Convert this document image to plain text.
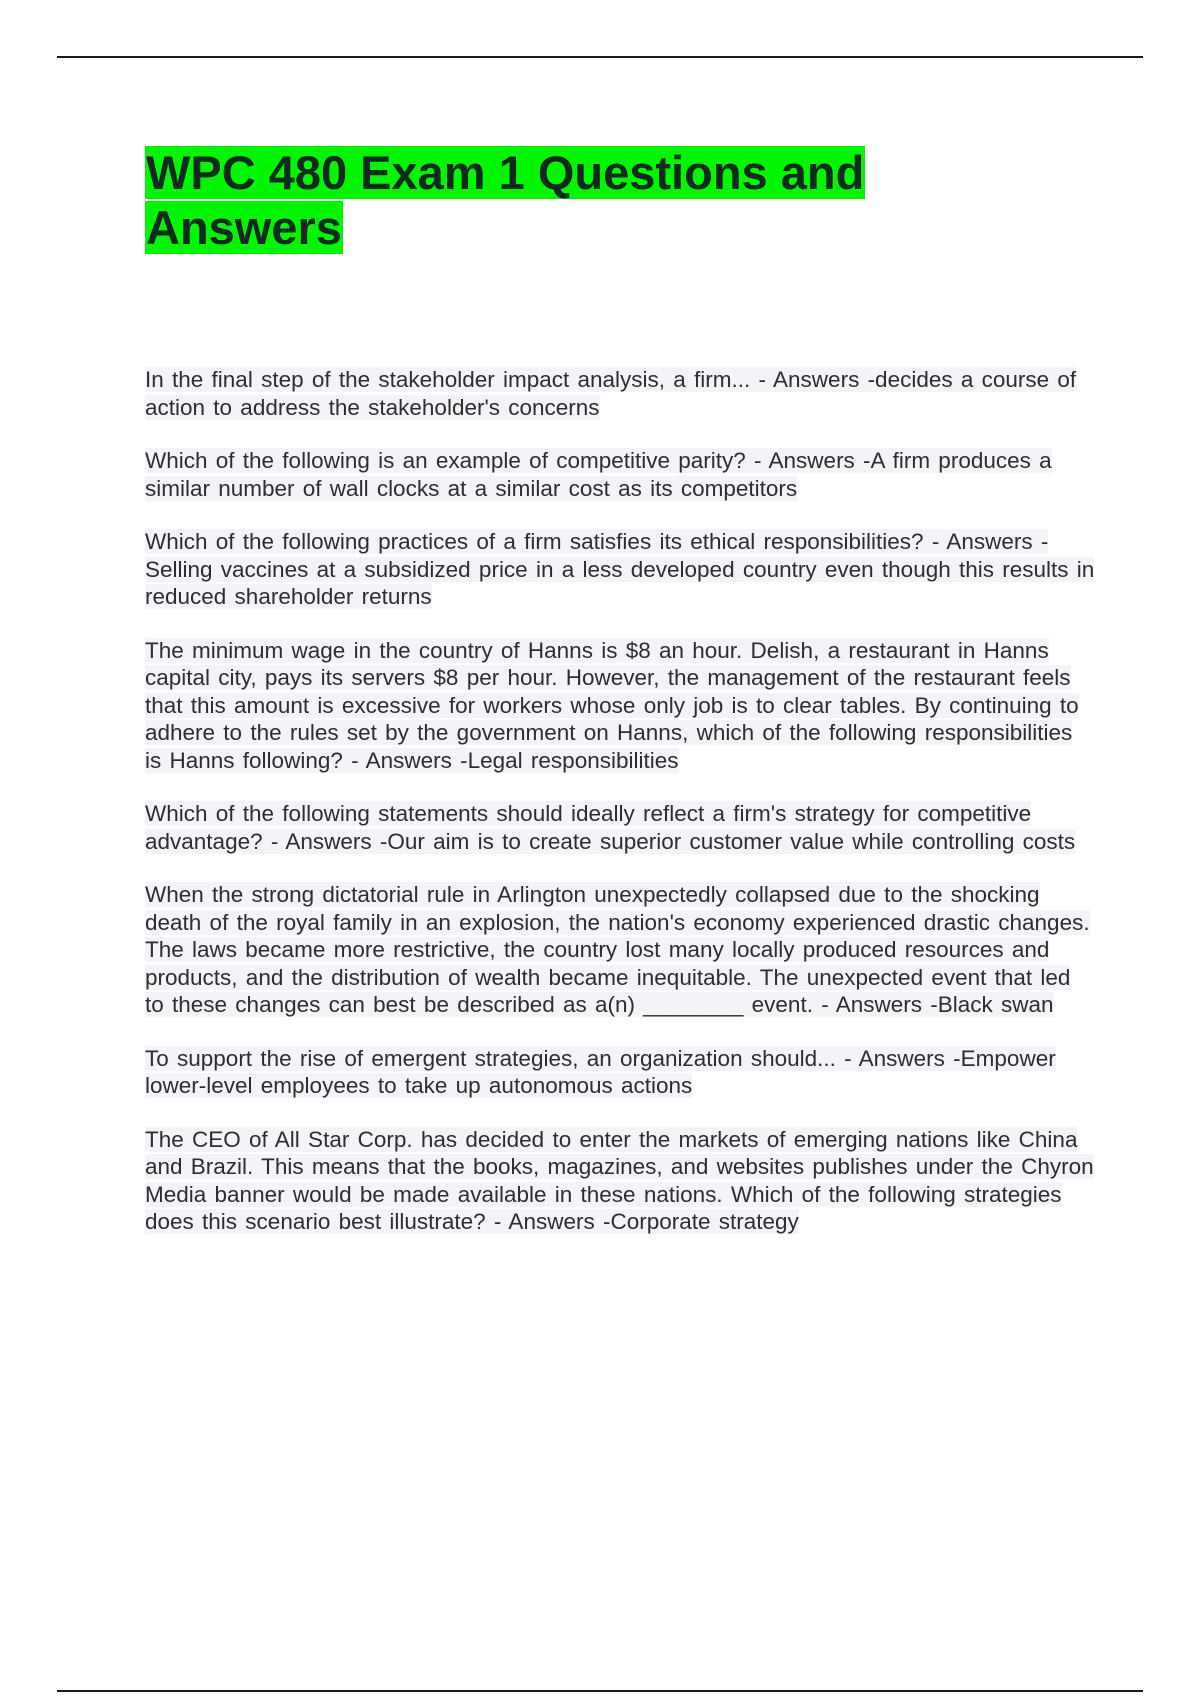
WPC 480 Exam 1 Questions and Answers

In the final step of the stakeholder impact analysis, a firm... - Answers -decides a course of action to address the stakeholder's concerns

Which of the following is an example of competitive parity? - Answers -A firm produces a similar number of wall clocks at a similar cost as its competitors

Which of the following practices of a firm satisfies its ethical responsibilities? - Answers -Selling vaccines at a subsidized price in a less developed country even though this results in reduced shareholder returns

The minimum wage in the country of Hanns is $8 an hour. Delish, a restaurant in Hanns capital city, pays its servers $8 per hour. However, the management of the restaurant feels that this amount is excessive for workers whose only job is to clear tables. By continuing to adhere to the rules set by the government on Hanns, which of the following responsibilities is Hanns following? - Answers -Legal responsibilities

Which of the following statements should ideally reflect a firm's strategy for competitive advantage? - Answers -Our aim is to create superior customer value while controlling costs

When the strong dictatorial rule in Arlington unexpectedly collapsed due to the shocking death of the royal family in an explosion, the nation's economy experienced drastic changes. The laws became more restrictive, the country lost many locally produced resources and products, and the distribution of wealth became inequitable. The unexpected event that led to these changes can best be described as a(n) ________ event. - Answers -Black swan

To support the rise of emergent strategies, an organization should... - Answers -Empower lower-level employees to take up autonomous actions

The CEO of All Star Corp. has decided to enter the markets of emerging nations like China and Brazil. This means that the books, magazines, and websites publishes under the Chyron Media banner would be made available in these nations. Which of the following strategies does this scenario best illustrate? - Answers -Corporate strategy
